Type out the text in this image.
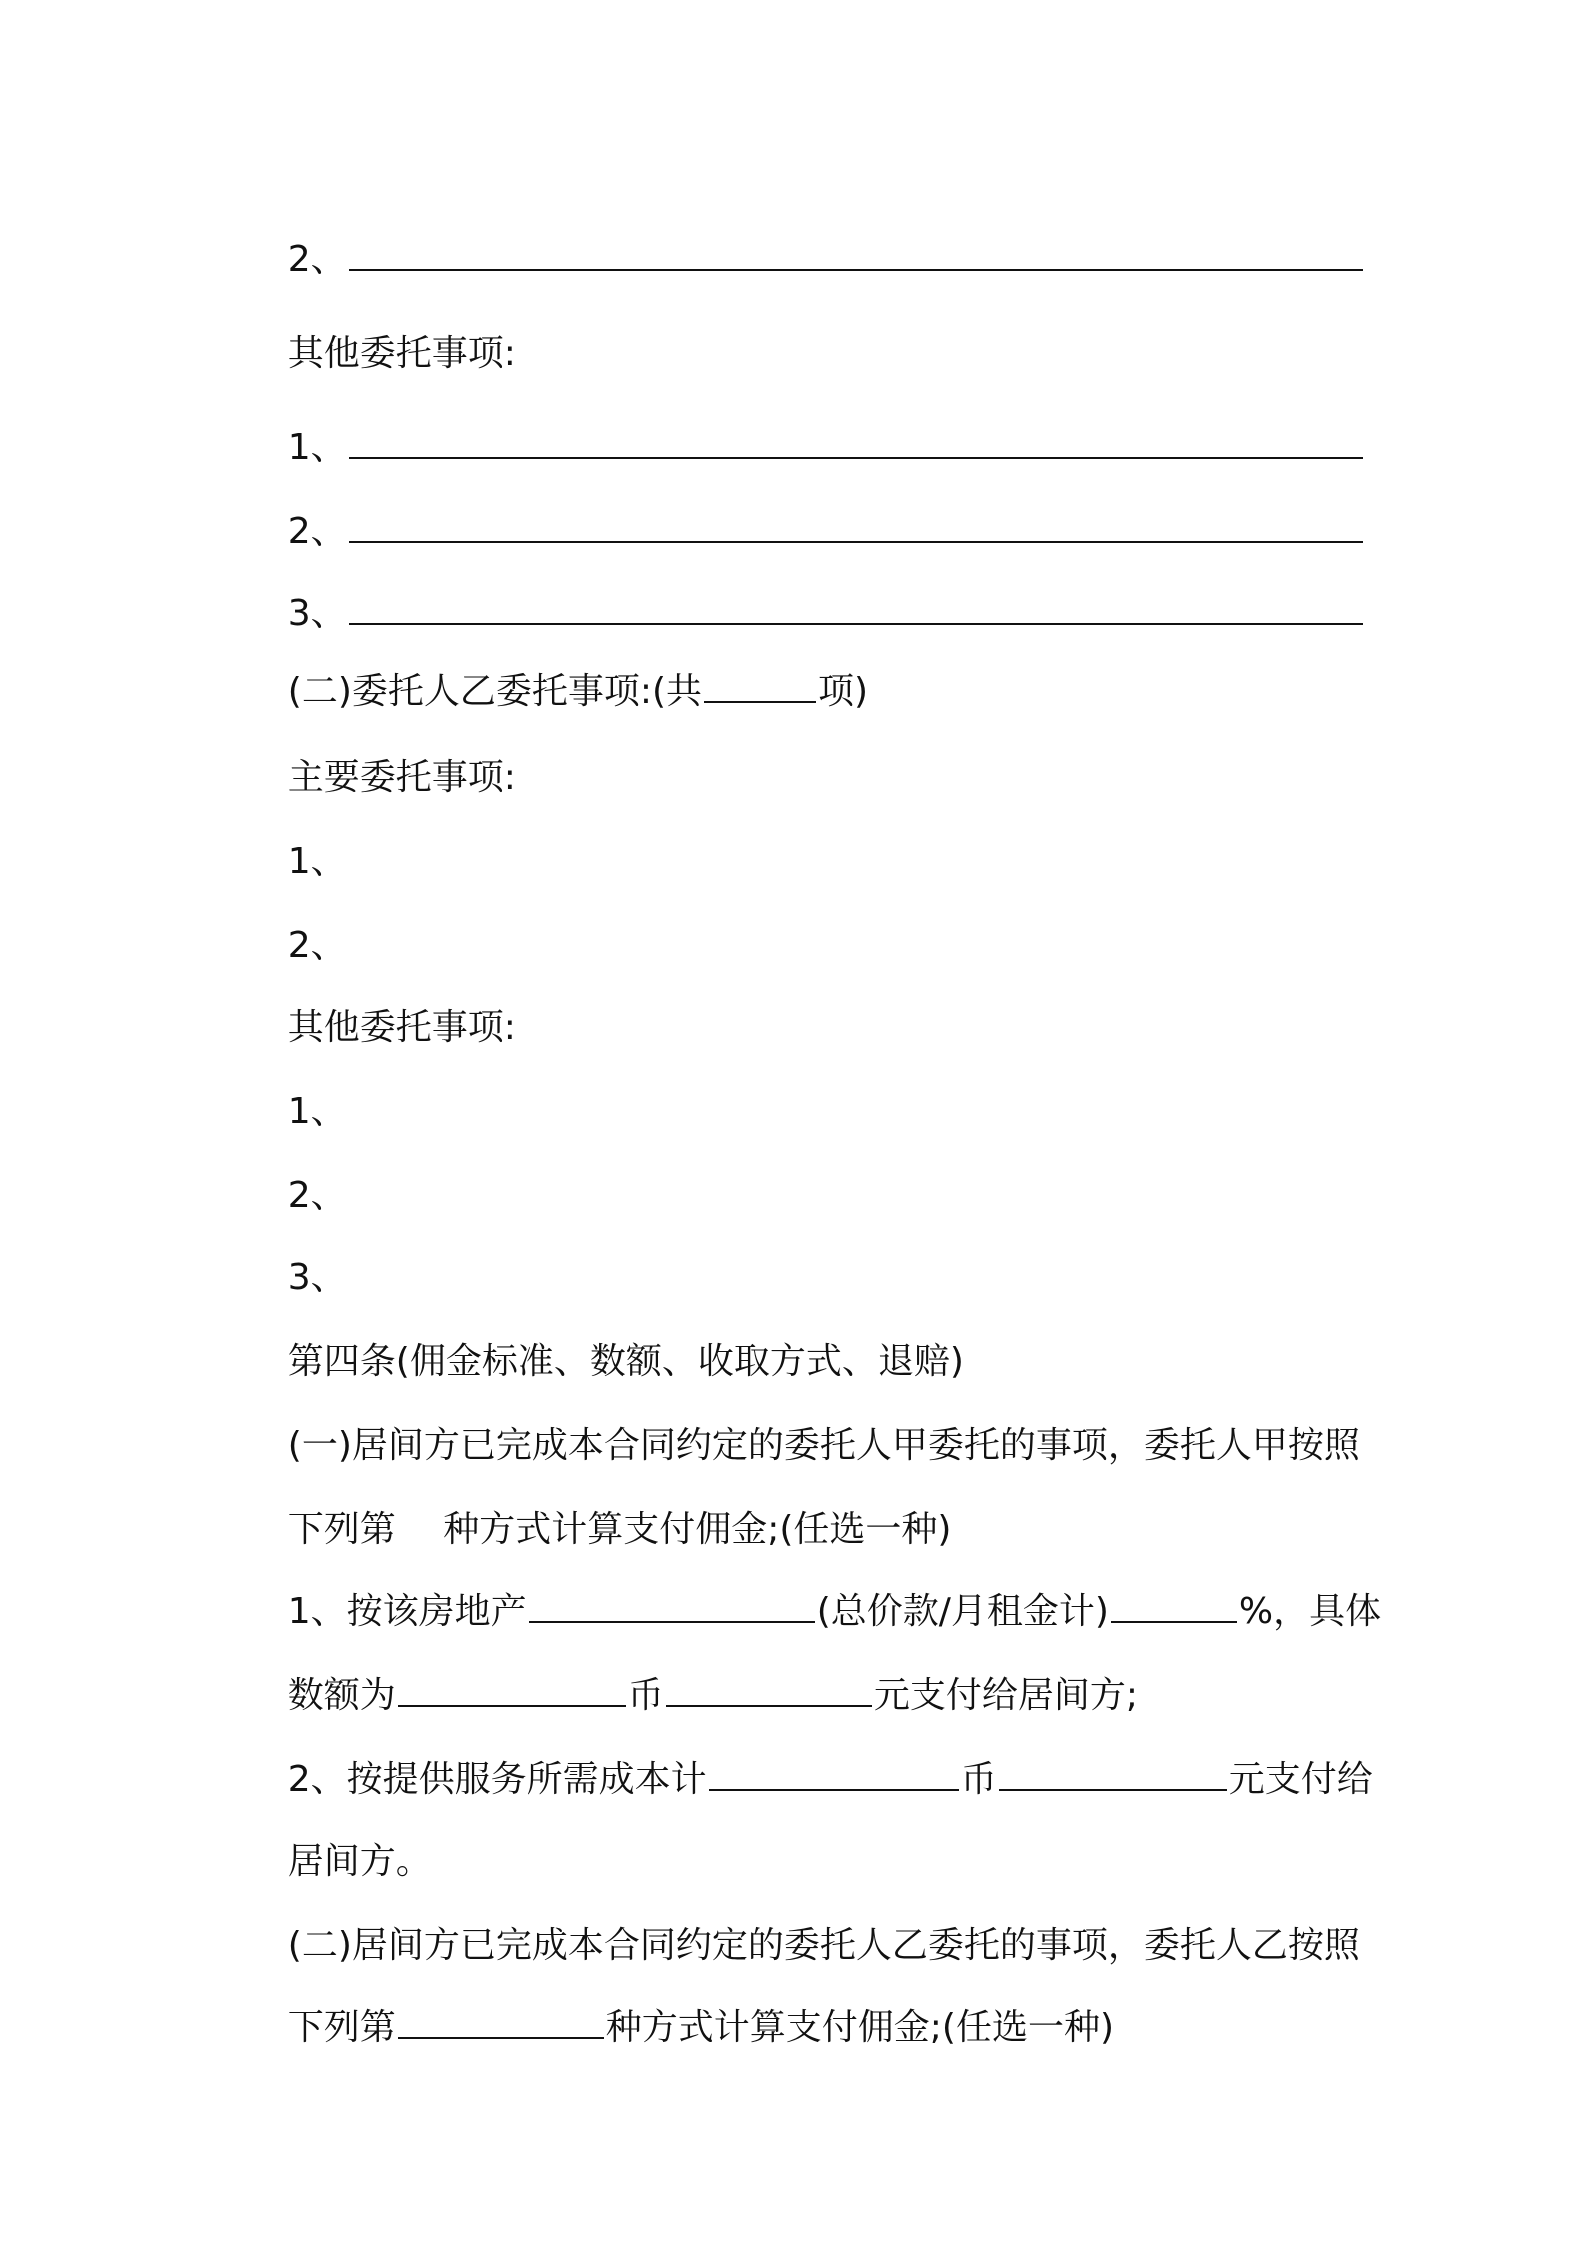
2、

其他委托事项:

1、

2、

3、

(二)委托人乙委托事项:(共	项)

主要委托事项:

1、

2、

其他委托事项:

1、

2、

3、

第四条(佣金标准、数额、收取方式、退赔)

(一)居间方已完成本合同约定的委托人甲委托的事项，委托人甲按照

下列第　 种方式计算支付佣金;(任选一种)

1、按该房地产	(总价款/月租金计)	%，具体

数额为	币	元支付给居间方;

2、按提供服务所需成本计	币	元支付给

居间方。

(二)居间方已完成本合同约定的委托人乙委托的事项，委托人乙按照

下列第	种方式计算支付佣金;(任选一种)
